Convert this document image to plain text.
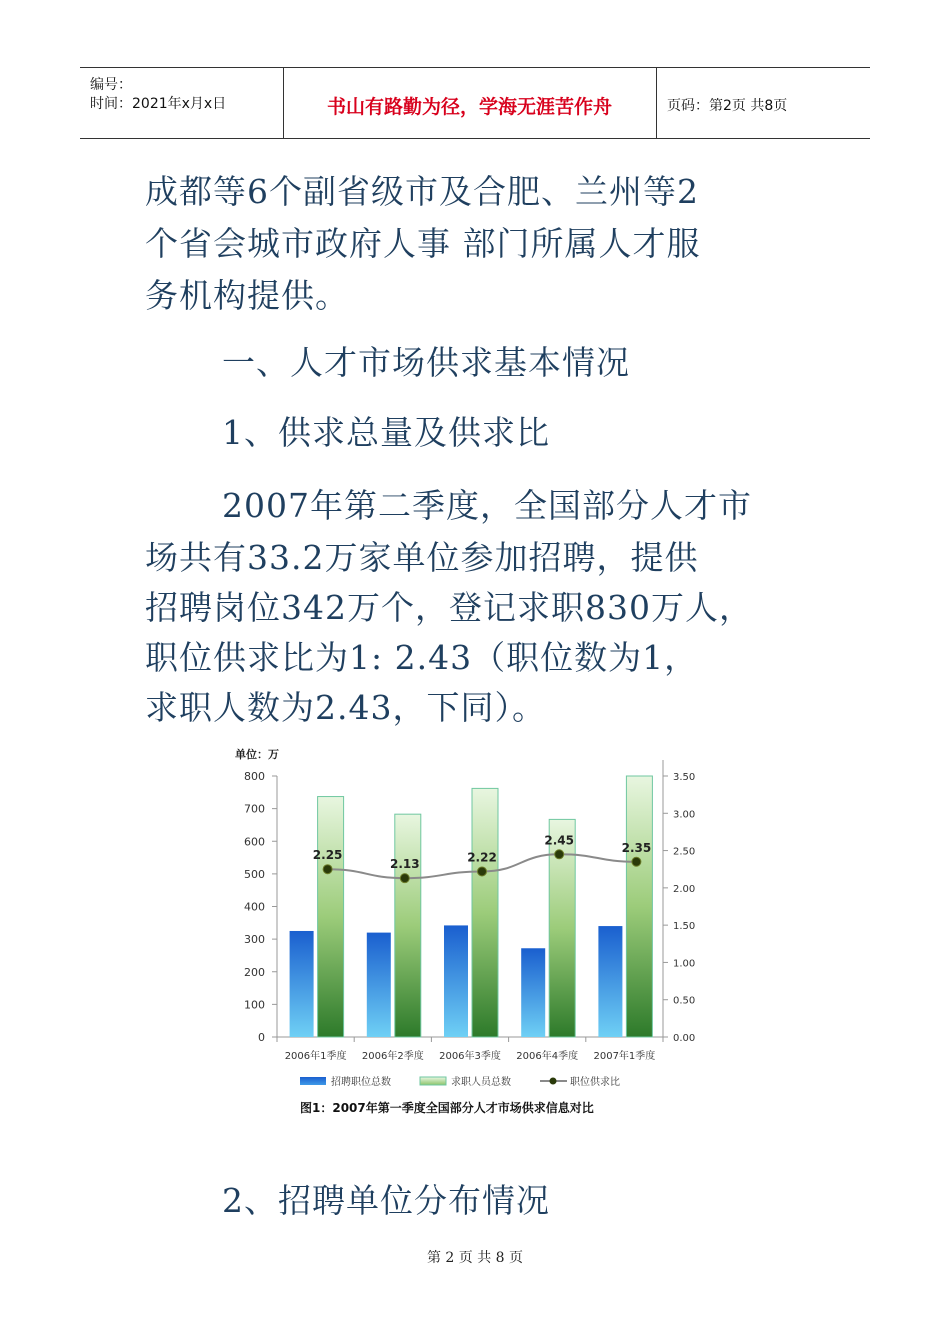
编号：
时间：2021年x月x日	书山有路勤为径，学海无涯苦作舟	页码：第2页 共8页
成都等6个副省级市及合肥、兰州等2
个省会城市政府人事 部门所属人才服
务机构提供。
一、人才市场供求基本情况
1、供求总量及供求比
2007年第二季度，全国部分人才市
场共有33.2万家单位参加招聘，提供
招聘岗位342万个，登记求职830万人，
职位供求比为1: 2.43（职位数为1，
求职人数为2.43，下同）。
单位：万
0
100
200
300
400
500
600
700
800
0.00
0.50
1.00
1.50
2.00
2.50
3.00
3.50
2006年1季度 2006年2季度 2006年3季度 2006年4季度 2007年1季度
2.25
2.13	2.22
2.45
2.35
招聘职位总数	求职人员总数	职位供求比
图1：2007年第一季度全国部分人才市场供求信息对比
2、招聘单位分布情况
第 2 页 共 8 页
